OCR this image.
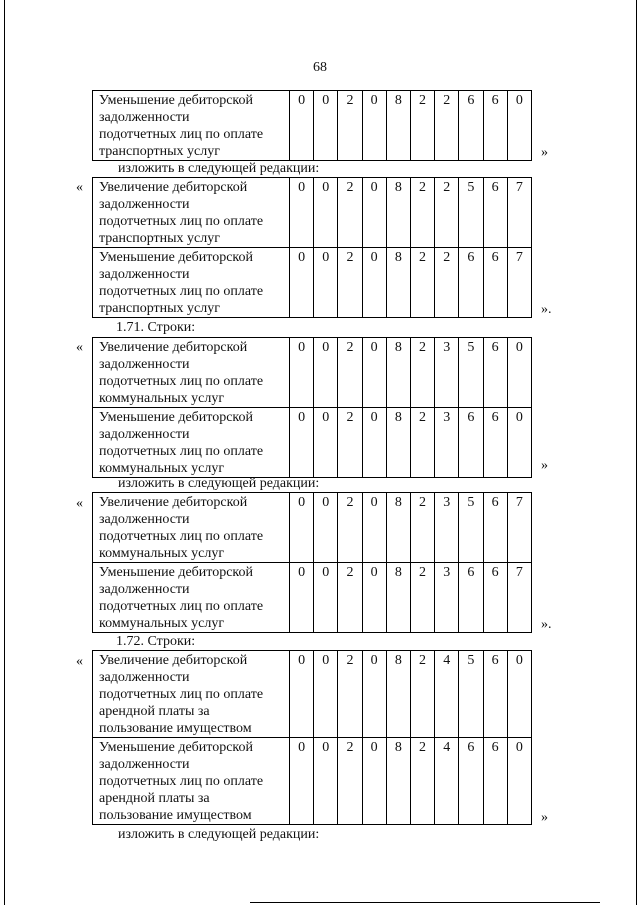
68
Уменьшение дебиторской
задолженности
подотчетных лиц по оплате
транспортных услуг
	0	0	2	0	8	2	2	6	6	0
»
изложить в следующей редакции:
« Увеличение дебиторской
задолженности
подотчетных лиц по оплате
транспортных услуг	0	0	2	0	8	2	2	5	6	7

Уменьшение дебиторской
задолженности
подотчетных лиц по оплате
транспортных услуг	0	0	2	0	8	2	2	6	6	7
».
1.71. Строки:
« Увеличение дебиторской
задолженности
подотчетных лиц по оплате
коммунальных услуг	0	0	2	0	8	2	3	5	6	0

Уменьшение дебиторской
задолженности
подотчетных лиц по оплате
коммунальных услуг	0	0	2	0	8	2	3	6	6	0
»
изложить в следующей редакции:
« Увеличение дебиторской
задолженности
подотчетных лиц по оплате
коммунальных услуг	0	0	2	0	8	2	3	5	6	7

Уменьшение дебиторской
задолженности
подотчетных лиц по оплате
коммунальных услуг	0	0	2	0	8	2	3	6	6	7
».
1.72. Строки:
« Увеличение дебиторской
задолженности
подотчетных лиц по оплате
арендной платы за
пользование имуществом	0	0	2	0	8	2	4	5	6	0

Уменьшение дебиторской
задолженности
подотчетных лиц по оплате
арендной платы за
пользование имуществом	0	0	2	0	8	2	4	6	6	0
»
изложить в следующей редакции:
